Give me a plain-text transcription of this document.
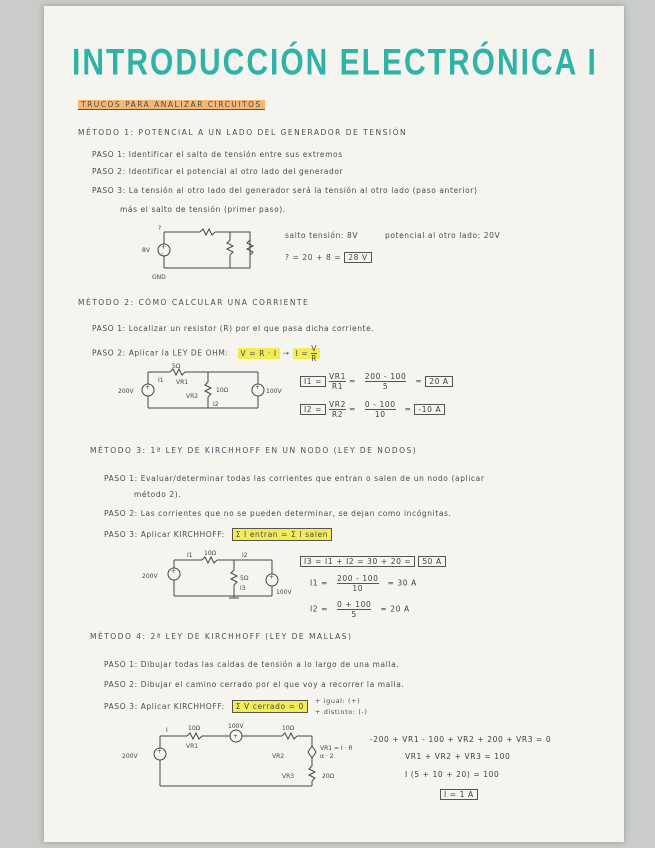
INTRODUCCIÓN ELECTRÓNICA I
TRUCOS PARA ANALIZAR CIRCUITOS
MÉTODO 1: POTENCIAL A UN LADO DEL GENERADOR DE TENSIÓN
PASO 1: Identificar el salto de tensión entre sus extremos
PASO 2: Identificar el potencial al otro lado del generador
PASO 3: La tensión al otro lado del generador será la tensión al otro lado (paso anterior)
más el salto de tensión (primer paso).
?
+
-
8V
GND
salto tensión: 8V	potencial al otro lado: 20V
? = 20 + 8 = 28 V
MÉTODO 2: CÓMO CALCULAR UNA CORRIENTE
PASO 1: Localizar un resistor (R) por el que pasa dicha corriente.
PASO 2: Aplicar la LEY DE OHM: $V = R \cdot I \to I = \frac{V}{R}$
200V
+
5Ω
I1 VR1
10Ω
VR2
I2
+
100V
$I1 = \frac{VR1}{R1} = \frac{200 - 100}{5} = 20$ A
$I2 = \frac{VR2}{R2} = \frac{0 - 100}{10} = -10$ A
MÉTODO 3: 1ª LEY DE KIRCHHOFF EN UN NODO (LEY DE NODOS)
PASO 1: Evaluar/determinar todas las corrientes que entran o salen de un nodo (aplicar
método 2).
PASO 2: Las corrientes que no se pueden determinar, se dejan como incógnitas.
PASO 3: Aplicar KIRCHHOFF: Σ I entran = Σ I salen
200V
+
I1 10Ω	I2
5Ω
I3
+
100V
I3 = I1 + I2 = 30 + 20 = 50 A
$I1 = \frac{200 - 100}{10} = 30$ A
$I2 = \frac{0 + 100}{5} = 20$ A
MÉTODO 4: 2ª LEY DE KIRCHHOFF (LEY DE MALLAS)
PASO 1: Dibujar todas las caídas de tensión a lo largo de una malla.
PASO 2: Dibujar el camino cerrado por el que voy a recorrer la malla.
PASO 3: Aplicar KIRCHHOFF: Σ V cerrado = 0
+ igual: (+)
+ distinto: (-)
200V
+
I	10Ω
VR1
+
100V	10Ω
VR2
VR1 = I · R
α · 2
20Ω
VR3
-200 + VR1 - 100 + VR2 + 200 + VR3 = 0
VR1 + VR2 + VR3 = 100
I (5 + 10 + 20) = 100
I = 1 A
